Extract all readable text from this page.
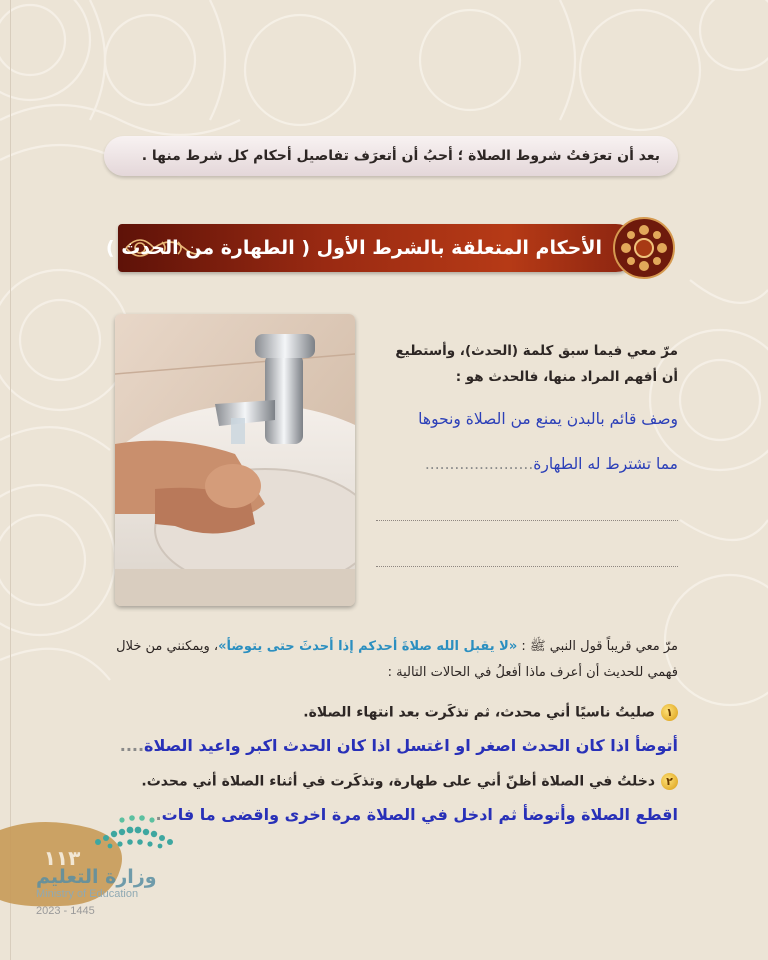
بعد أن تعرَفتُ شروط الصلاة ؛ أحبُ أن أتعرَف تفاصيل أحكام كل شرط منها .
الأحكام المتعلقة بالشرط الأول ( الطهارة من الحدث )
مرّ معي فيما سبق كلمة (الحدث)، وأستطيع أن أفهم المراد منها، فالحدث هو :
وصف قائم بالبدن يمنع من الصلاة ونحوها
مما تشترط له الطهارة......................
مرّ معي قريباً قول النبي ﷺ : «لا يقبل الله صلاةَ أحدكم إذا أحدثَ حتى يتوضأ»، ويمكنني من خلال فهمي للحديث أن أعرف ماذا أفعلُ في الحالات التالية :
١صليتُ ناسيًا أني محدث، ثم تذكَرت بعد انتهاء الصلاة.
أتوضأ اذا كان الحدث اصغر او اغتسل اذا كان الحدث اكبر واعيد الصلاة....
٢دخلتُ في الصلاة أظنّ أني على طهارة، وتذكَرت في أثناء الصلاة أني محدث.
اقطع الصلاة وأتوضأ ثم ادخل في الصلاة مرة اخرى واقضى ما فات.
١١٣
وزارة التعليم
Ministry of Education
2023 - 1445
